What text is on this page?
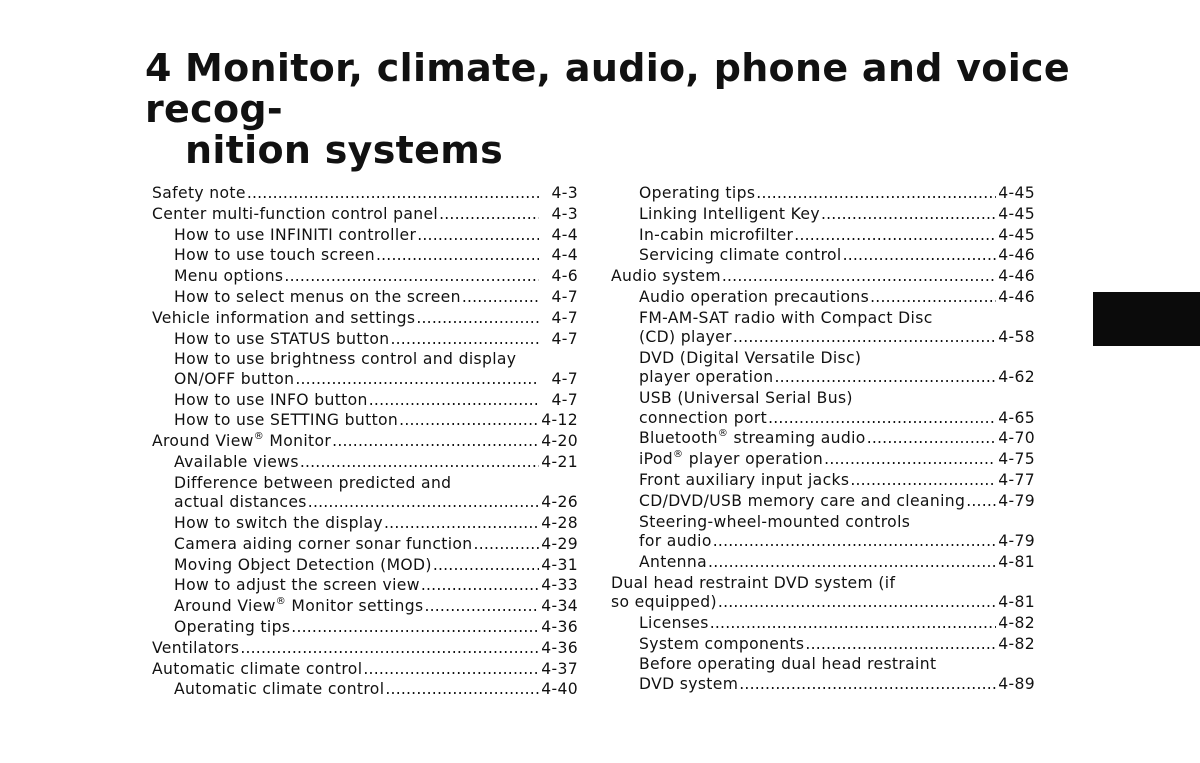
4 Monitor, climate, audio, phone and voice recog-
nition systems
Safety note .....	4-3
Center multi-function control panel .....	4-3
How to use INFINITI controller .....	4-4
How to use touch screen .....	4-4
Menu options .....	4-6
How to select menus on the screen .....	4-7
Vehicle information and settings .....	4-7
How to use STATUS button .....	4-7
How to use brightness control and display
ON/OFF button .....	4-7
How to use INFO button .....	4-7
How to use SETTING button .....	4-12
Around View® Monitor .....	4-20
Available views .....	4-21
Difference between predicted and
actual distances .....	4-26
How to switch the display .....	4-28
Camera aiding corner sonar function .....	4-29
Moving Object Detection (MOD) .....	4-31
How to adjust the screen view .....	4-33
Around View® Monitor settings .....	4-34
Operating tips .....	4-36
Ventilators .....	4-36
Automatic climate control .....	4-37
Automatic climate control .....	4-40
Operating tips .....	4-45
Linking Intelligent Key .....	4-45
In-cabin microfilter .....	4-45
Servicing climate control .....	4-46
Audio system .....	4-46
Audio operation precautions .....	4-46
FM-AM-SAT radio with Compact Disc
(CD) player .....	4-58
DVD (Digital Versatile Disc)
player operation .....	4-62
USB (Universal Serial Bus)
connection port .....	4-65
Bluetooth® streaming audio .....	4-70
iPod® player operation .....	4-75
Front auxiliary input jacks .....	4-77
CD/DVD/USB memory care and cleaning ..... 4-79
Steering-wheel-mounted controls
for audio .....	4-79
Antenna .....	4-81
Dual head restraint DVD system (if
so equipped) .....	4-81
Licenses .....	4-82
System components .....	4-82
Before operating dual head restraint
DVD system .....	4-89
